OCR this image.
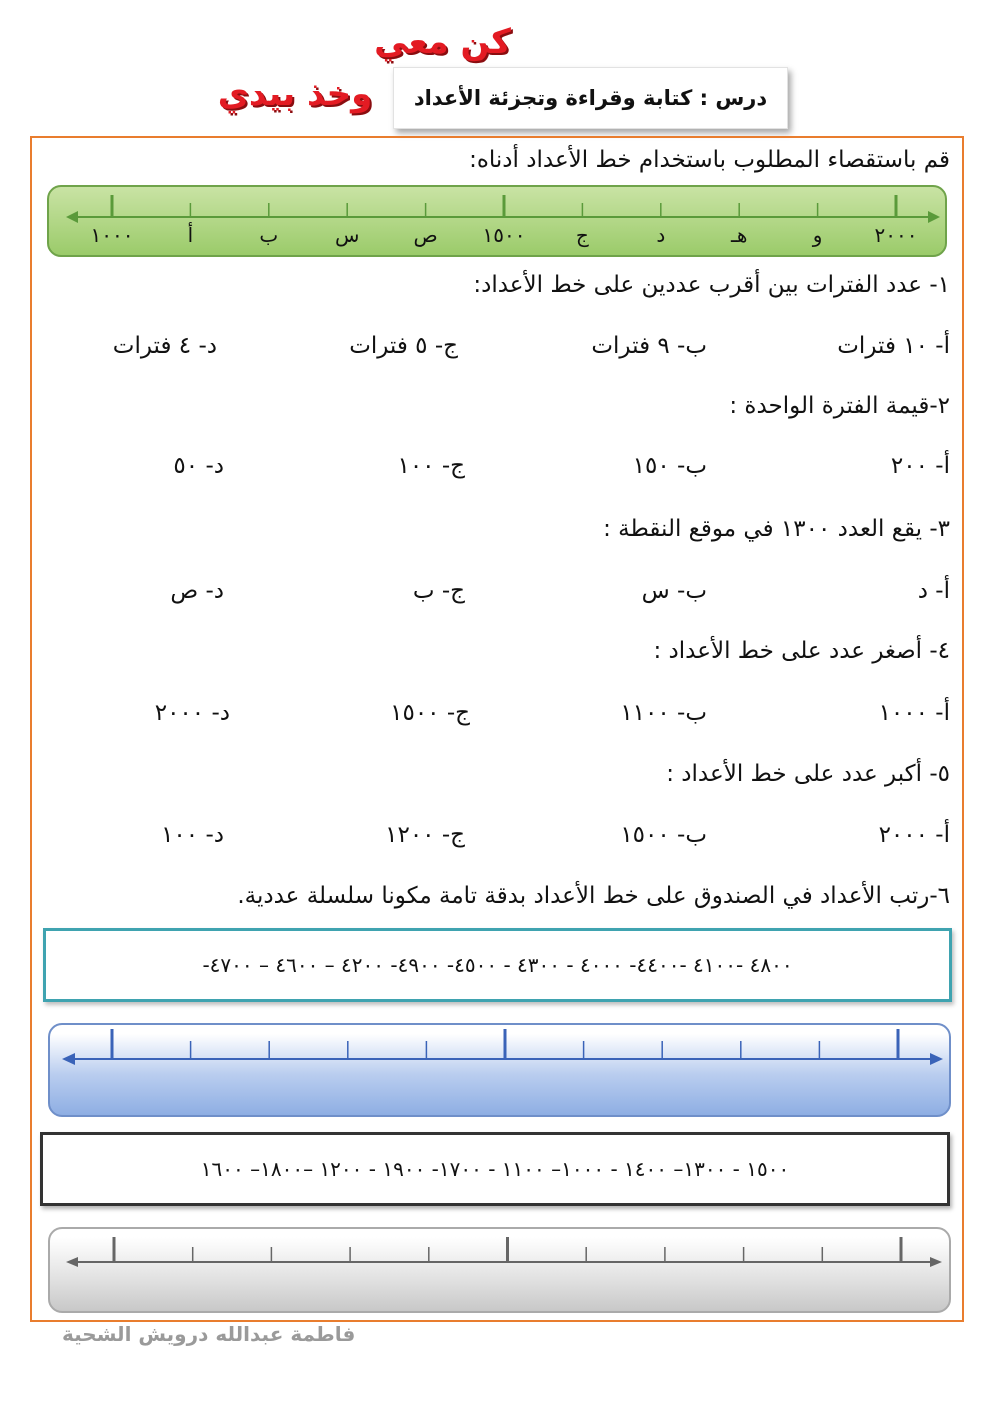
كن معي
وخذ بيدي	درس : كتابة وقراءة وتجزئة الأعداد
قم باستقصاء المطلوب باستخدام خط الأعداد أدناه:
٢٠٠٠
و
هـ
د
ج
١٥٠٠
ص
س
ب
أ
١٠٠٠
١- عدد الفترات بين أقرب عددين على خط الأعداد:
أ- ١٠ فترات
ب- ٩ فترات
ج- ٥ فترات
د- ٤ فترات
٢-قيمة الفترة الواحدة :
أ- ٢٠٠
ب- ١٥٠
ج- ١٠٠
د- ٥٠
٣- يقع العدد ١٣٠٠ في موقع النقطة :
أ- د
ب- س
ج- ب
د- ص
٤- أصغر عدد على خط الأعداد :
أ- ١٠٠٠
ب- ١١٠٠
ج- ١٥٠٠
د- ٢٠٠٠
٥- أكبر عدد على خط الأعداد :
أ- ٢٠٠٠
ب- ١٥٠٠
ج- ١٢٠٠
د- ١٠٠
٦-رتب الأعداد في الصندوق على خط الأعداد بدقة تامة مكونا سلسلة عددية.
٤٨٠٠ -٤١٠٠ -٤٤٠٠- ٤٠٠٠ - ٤٣٠٠ - ٤٥٠٠- ٤٩٠٠- ٤٢٠٠ – ٤٦٠٠ – ٤٧٠٠-
١٥٠٠ - ١٣٠٠– ١٤٠٠ - ١٠٠٠– ١١٠٠ - ١٧٠٠- ١٩٠٠ - ١٢٠٠ –١٨٠٠– ١٦٠٠
فاطمة عبدالله درويش الشحية
